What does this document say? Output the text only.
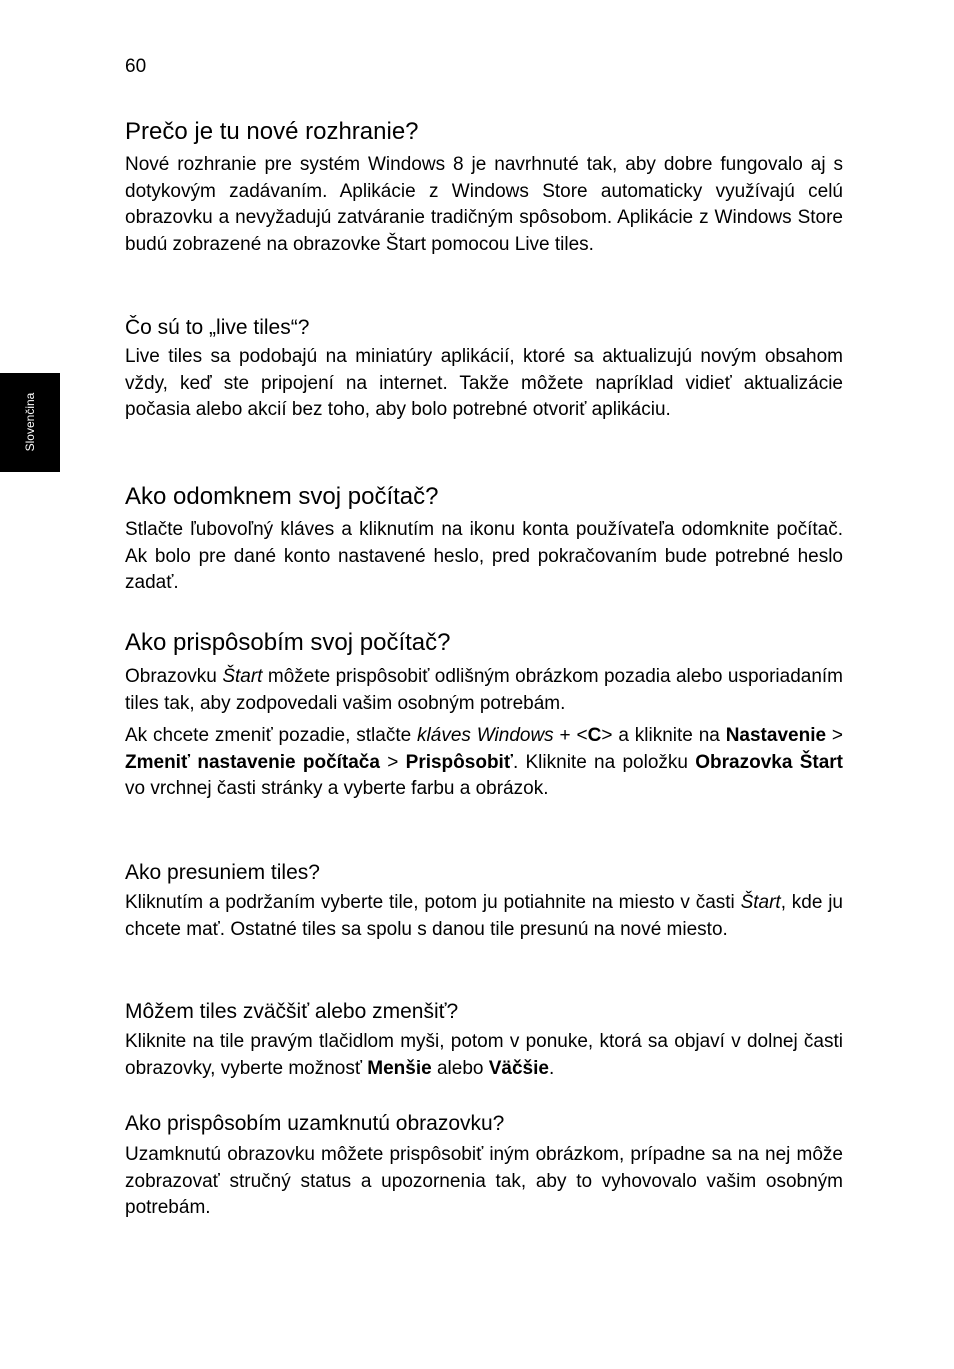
60
Slovenčina
Prečo je tu nové rozhranie?

Nové rozhranie pre systém Windows 8 je navrhnuté tak, aby dobre fungovalo aj s dotykovým zadávaním. Aplikácie z Windows Store automaticky využívajú celú obrazovku a nevyžadujú zatváranie tradičným spôsobom. Aplikácie z Windows Store budú zobrazené na obrazovke Štart pomocou Live tiles.

Čo sú to „live tiles“?

Live tiles sa podobajú na miniatúry aplikácií, ktoré sa aktualizujú novým obsahom vždy, keď ste pripojení na internet. Takže môžete napríklad vidieť aktualizácie počasia alebo akcií bez toho, aby bolo potrebné otvoriť aplikáciu.

Ako odomknem svoj počítač?

Stlačte ľubovoľný kláves a kliknutím na ikonu konta používateľa odomknite počítač. Ak bolo pre dané konto nastavené heslo, pred pokračovaním bude potrebné heslo zadať.

Ako prispôsobím svoj počítač?

Obrazovku Štart môžete prispôsobiť odlišným obrázkom pozadia alebo usporiadaním tiles tak, aby zodpovedali vašim osobným potrebám.

Ak chcete zmeniť pozadie, stlačte kláves Windows + <C> a kliknite na Nastavenie > Zmeniť nastavenie počítača > Prispôsobiť. Kliknite na položku Obrazovka Štart vo vrchnej časti stránky a vyberte farbu a obrázok.

Ako presuniem tiles?

Kliknutím a podržaním vyberte tile, potom ju potiahnite na miesto v časti Štart, kde ju chcete mať. Ostatné tiles sa spolu s danou tile presunú na nové miesto.

Môžem tiles zväčšiť alebo zmenšiť?

Kliknite na tile pravým tlačidlom myši, potom v ponuke, ktorá sa objaví v dolnej časti obrazovky, vyberte možnosť Menšie alebo Väčšie.

Ako prispôsobím uzamknutú obrazovku?

Uzamknutú obrazovku môžete prispôsobiť iným obrázkom, prípadne sa na nej môže zobrazovať stručný status a upozornenia tak, aby to vyhovovalo vašim osobným potrebám.
